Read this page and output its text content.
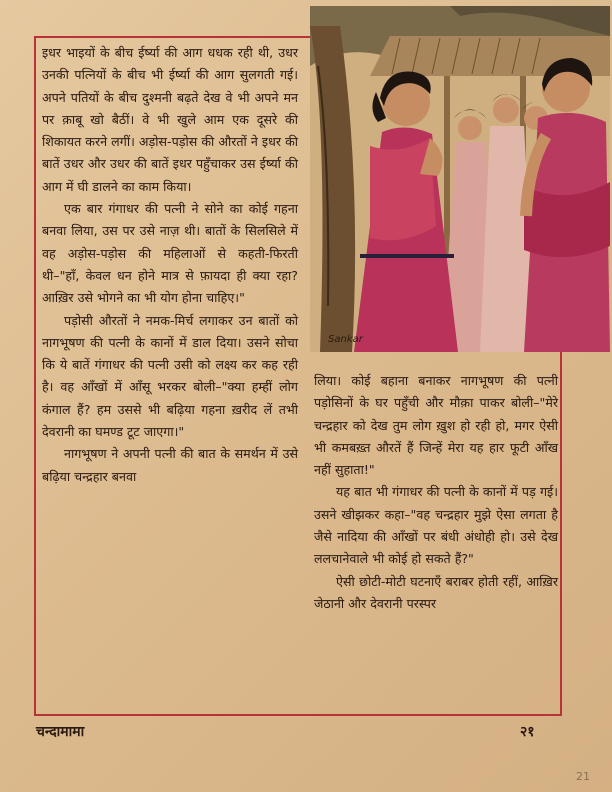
Sankar

इधर भाइयों के बीच ईर्ष्या की आग धधक रही थी, उधर उनकी पत्नियों के बीच भी ईर्ष्या की आग सुलगती गई। अपने पतियों के बीच दुश्मनी बढ़ते देख वे भी अपने मन पर क़ाबू खो बैठीं। वे भी खुले आम एक दूसरे की शिकायत करने लगीं। अड़ोस-पड़ोस की औरतों ने इधर की बातें उधर और उधर की बातें इधर पहुँचाकर उस ईर्ष्या की आग में घी डालने का काम किया।

एक बार गंगाधर की पत्नी ने सोने का कोई गहना बनवा लिया, उस पर उसे नाज़ थी। बातों के सिलसिले में वह अड़ोस-पड़ोस की महिलाओं से कहती-फिरती थी–"हाँ, केवल धन होने मात्र से फ़ायदा ही क्या रहा? आख़िर उसे भोगने का भी योग होना चाहिए।"

पड़ोसी औरतों ने नमक-मिर्च लगाकर उन बातों को नागभूषण की पत्नी के कानों में डाल दिया। उसने सोचा कि ये बातें गंगाधर की पत्नी उसी को लक्ष्य कर कह रही है। वह आँखों में आँसू भरकर बोली–"क्या हम्हीं लोग कंगाल हैं? हम उससे भी बढ़िया गहना ख़रीद लें तभी देवरानी का घमण्ड टूट जाएगा।"

नागभूषण ने अपनी पत्नी की बात के समर्थन में उसे बढ़िया चन्द्रहार बनवा

लिया। कोई बहाना बनाकर नागभूषण की पत्नी पड़ोसिनों के घर पहुँची और मौक़ा पाकर बोली–"मेरे चन्द्रहार को देख तुम लोग ख़ुश हो रही हो, मगर ऐसी भी कमबख़्त औरतें हैं जिन्हें मेरा यह हार फूटी आँख नहीं सुहाता!"

यह बात भी गंगाधर की पत्नी के कानों में पड़ गई। उसने खीझकर कहा–"वह चन्द्रहार मुझे ऐसा लगता है जैसे नादिया की आँखों पर बंधी अंधोही हो। उसे देख ललचानेवाले भी कोई हो सकते हैं?"

ऐसी छोटी-मोटी घटनाएँ बराबर होती रहीं, आख़िर जेठानी और देवरानी परस्पर

चन्दामामा	२१
21
